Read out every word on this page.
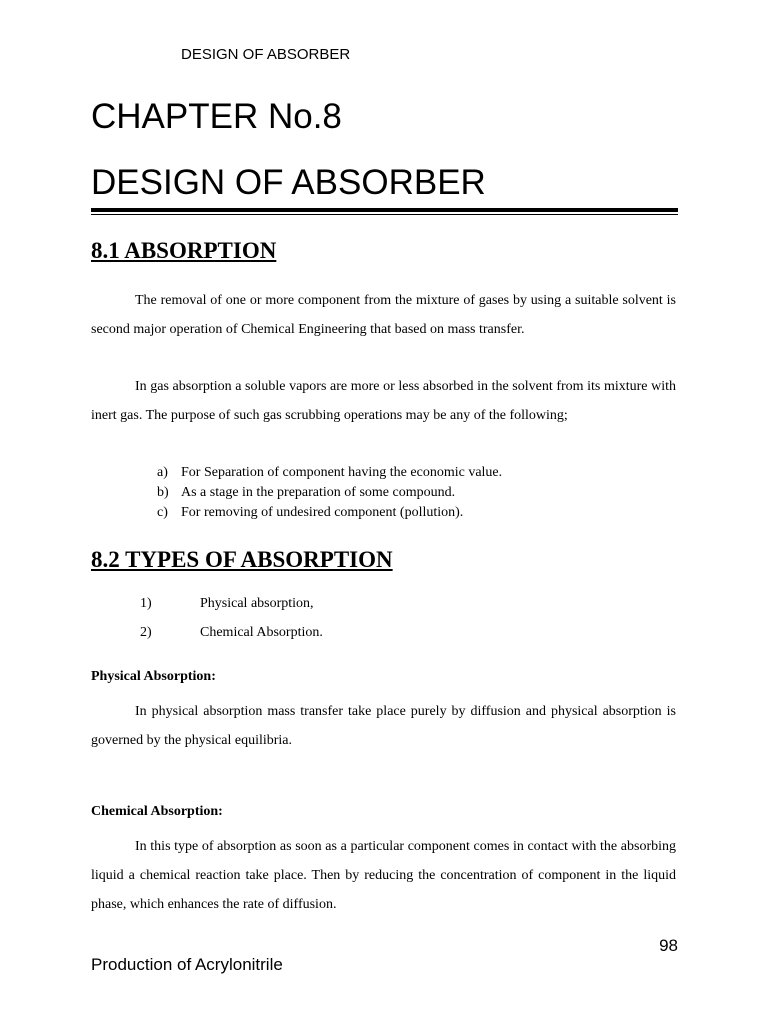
DESIGN OF ABSORBER
CHAPTER No.8
DESIGN OF ABSORBER
8.1 ABSORPTION
The removal of one or more component from the mixture of gases by using a suitable solvent is second major operation of Chemical Engineering that based on mass transfer.
In gas absorption a soluble vapors are more or less absorbed in the solvent from its mixture with inert gas. The purpose of such gas scrubbing operations may be any of the following;
a) For Separation of component having the economic value.
b) As a stage in the preparation of some compound.
c) For removing of undesired component (pollution).
8.2 TYPES OF ABSORPTION
1)	Physical absorption,
2)	Chemical Absorption.
Physical Absorption:
In physical absorption mass transfer take place purely by diffusion and physical absorption is governed by the physical equilibria.
Chemical Absorption:
In this type of absorption as soon as a particular component comes in contact with the absorbing liquid a chemical reaction take place. Then by reducing the concentration of component in the liquid phase, which enhances the rate of diffusion.
98
Production of Acrylonitrile
